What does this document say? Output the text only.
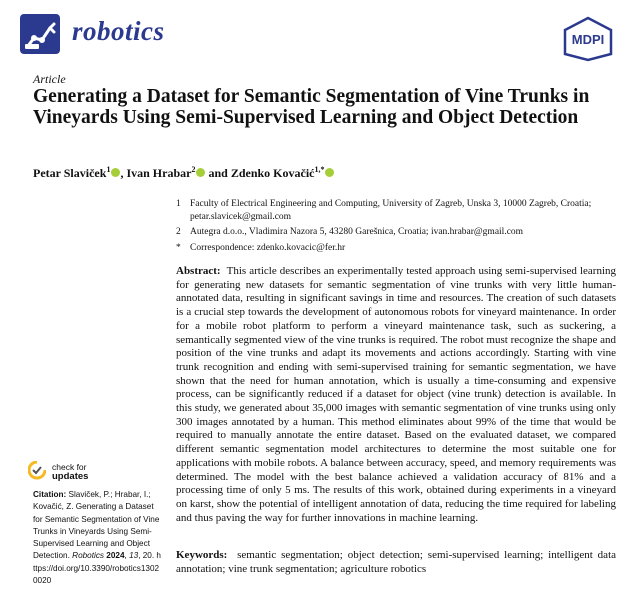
robotics	MDPI
Article
Generating a Dataset for Semantic Segmentation of Vine Trunks in Vineyards Using Semi-Supervised Learning and Object Detection
Petar Slaviček$^1$ , Ivan Hrabar$^2$ and Zdenko Kovačić$^{1,*}$
1 Faculty of Electrical Engineering and Computing, University of Zagreb, Unska 3, 10000 Zagreb, Croatia; petar.slavicek@gmail.com
2 Autegra d.o.o., Vladimira Nazora 5, 43280 Garešnica, Croatia; ivan.hrabar@gmail.com
* Correspondence: zdenko.kovacic@fer.hr
Abstract: This article describes an experimentally tested approach using semi-supervised learning for generating new datasets for semantic segmentation of vine trunks with very little human-annotated data, resulting in significant savings in time and resources. The creation of such datasets is a crucial step towards the development of autonomous robots for vineyard maintenance. In order for a mobile robot platform to perform a vineyard maintenance task, such as suckering, a semantically segmented view of the vine trunks is required. The robot must recognize the shape and position of the vine trunks and adapt its movements and actions accordingly. Starting with vine trunk recognition and ending with semi-supervised training for semantic segmentation, we have shown that the need for human annotation, which is usually a time-consuming and expensive process, can be significantly reduced if a dataset for object (vine trunk) detection is available. In this study, we generated about 35,000 images with semantic segmentation of vine trunks using only 300 images annotated by a human. This method eliminates about 99% of the time that would be required to manually annotate the entire dataset. Based on the evaluated dataset, we compared different semantic segmentation model architectures to determine the most suitable one for applications with mobile robots. A balance between accuracy, speed, and memory requirements was determined. The model with the best balance achieved a validation accuracy of 81% and a processing time of only 5 ms. The results of this work, obtained during experiments in a vineyard on karst, show the potential of intelligent annotation of data, reducing the time required for labeling and thus paving the way for further innovations in machine learning.
Keywords: semantic segmentation; object detection; semi-supervised learning; intelligent data annotation; vine trunk segmentation; agriculture robotics
check for
updates
Citation: Slaviček, P.; Hrabar, I.; Kovačić, Z. Generating a Dataset for Semantic Segmentation of Vine Trunks in Vineyards Using Semi-Supervised Learning and Object Detection. Robotics 2024, 13, 20. https://doi.org/10.3390/robotics13020020
